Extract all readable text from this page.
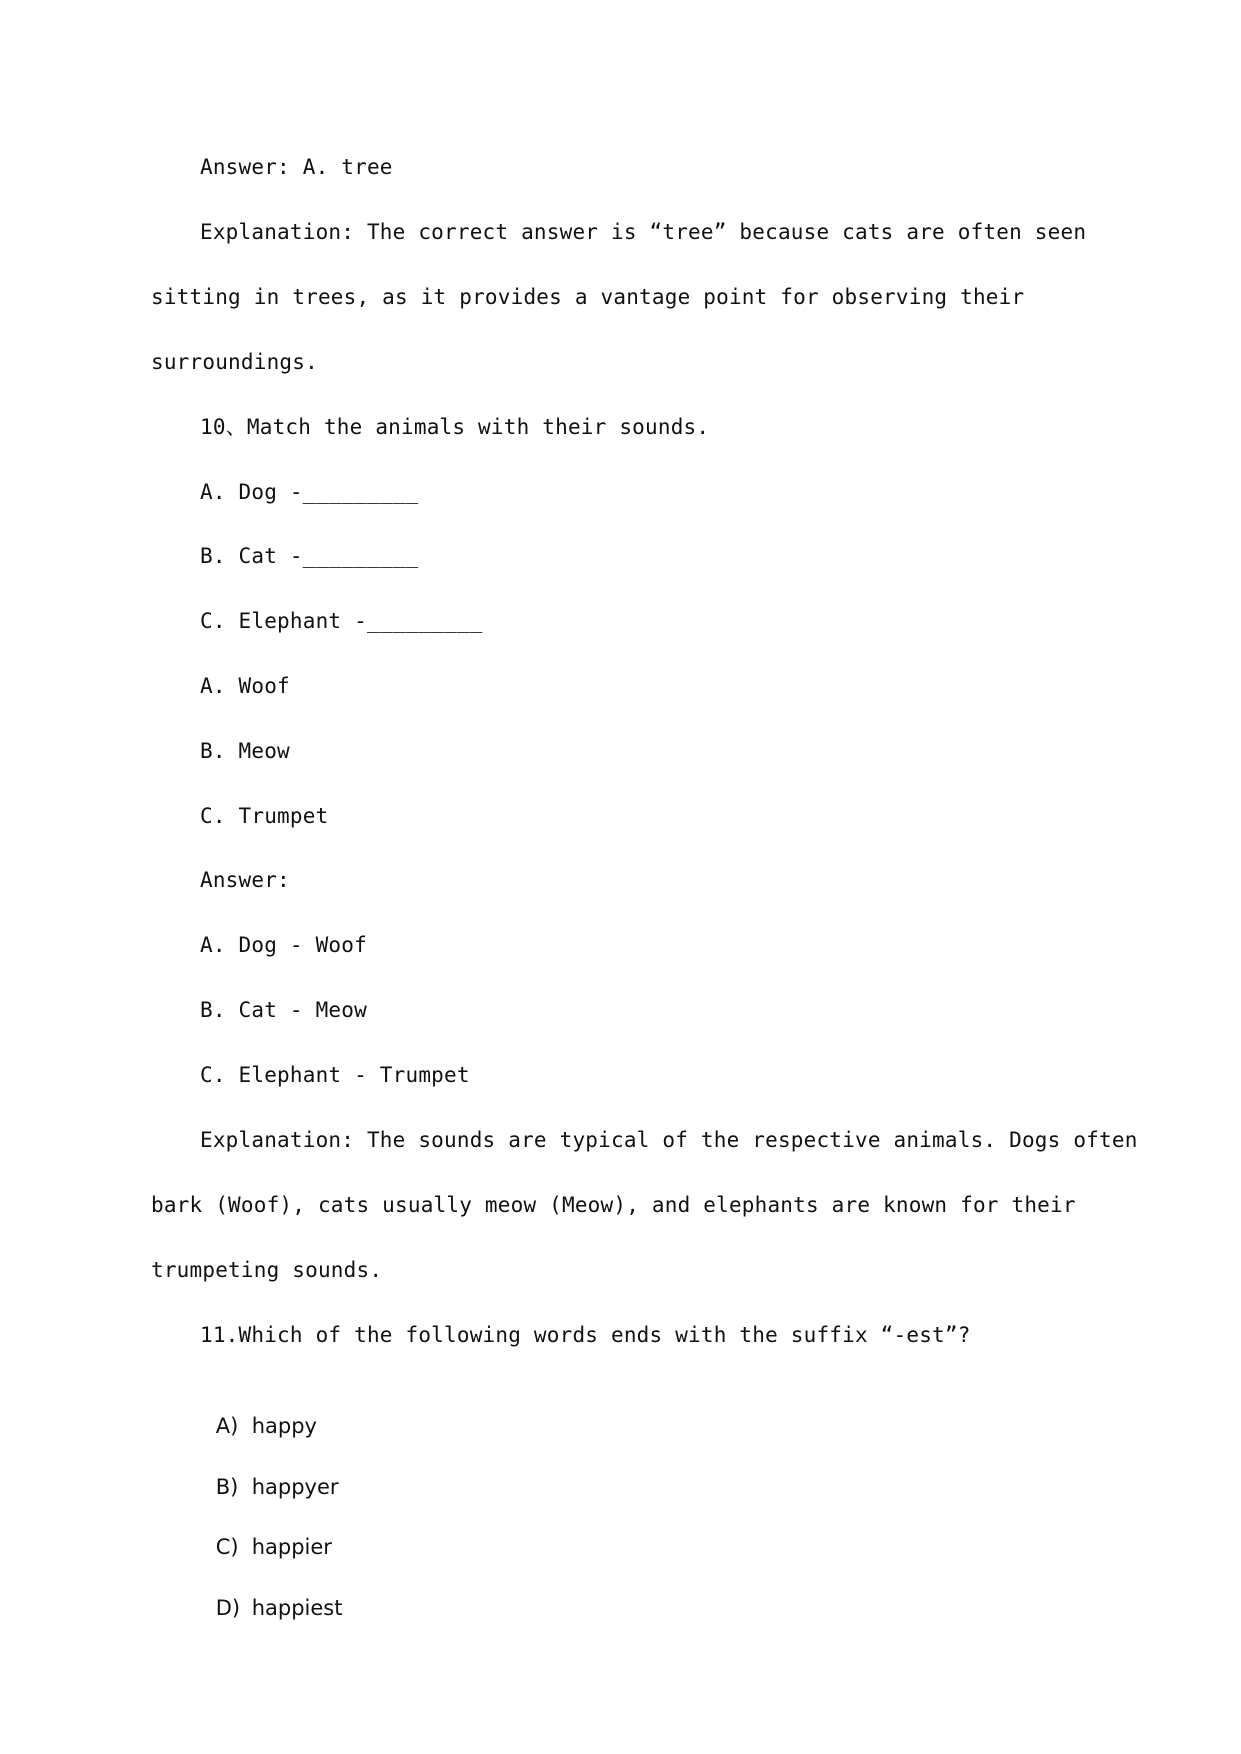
Answer: A. tree
Explanation: The correct answer is “tree” because cats are often seen
sitting in trees, as it provides a vantage point for observing their
surroundings.
10、Match the animals with their sounds.
A. Dog -_________
B. Cat -_________
C. Elephant -_________
A. Woof
B. Meow
C. Trumpet
Answer:
A. Dog - Woof
B. Cat - Meow
C. Elephant - Trumpet
Explanation: The sounds are typical of the respective animals. Dogs often
bark (Woof), cats usually meow (Meow), and elephants are known for their
trumpeting sounds.
11.Which of the following words ends with the suffix “-est”?

A) happy

B) happyer

C) happier

D) happiest
